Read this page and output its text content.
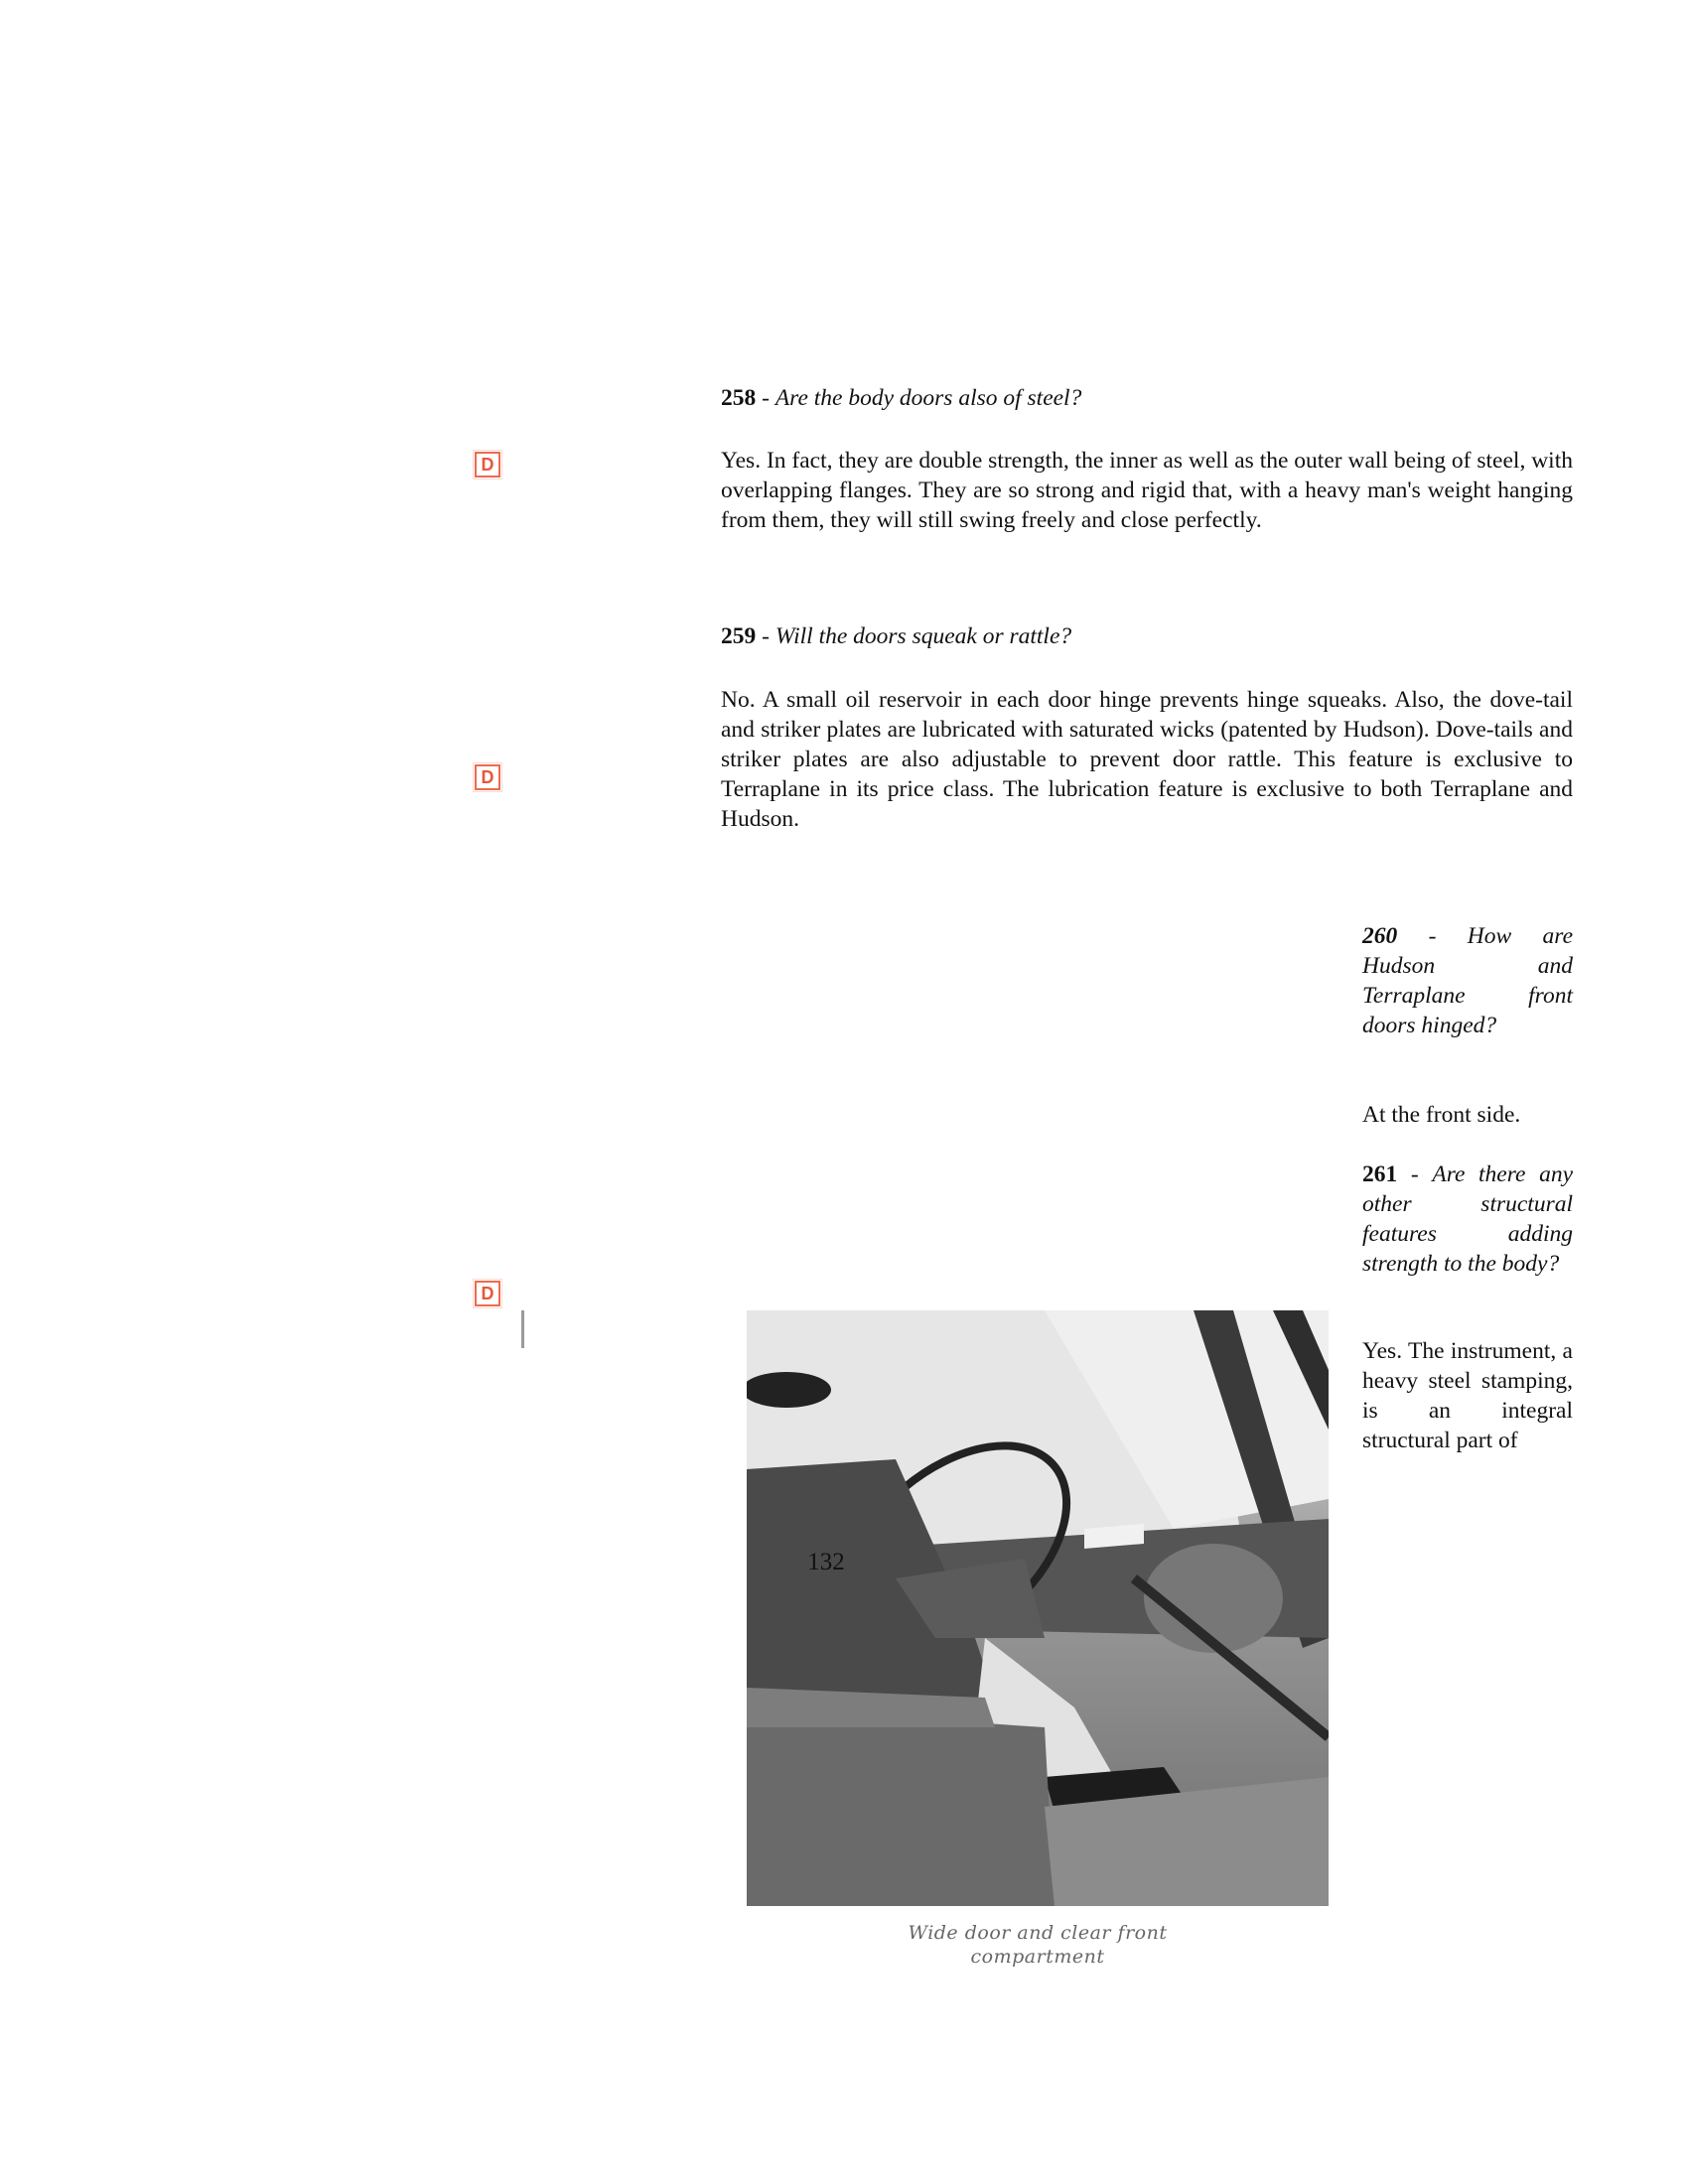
258 - Are the body doors also of steel?
D	Yes. In fact, they are double strength, the inner as well as the outer wall being of steel, with overlapping flanges. They are so strong and rigid that, with a heavy man's weight hanging from them, they will still swing freely and close perfectly.
259 - Will the doors squeak or rattle?
D
No. A small oil reservoir in each door hinge prevents hinge squeaks. Also, the dove-tail and striker plates are lubricated with saturated wicks (patented by Hudson). Dove-tails and striker plates are also adjustable to prevent door rattle. This feature is exclusive to Terraplane in its price class. The lubrication feature is exclusive to both Terraplane and Hudson.
Wide door and clear front compartment
D
260 - How are Hudson and Terraplane front doors hinged?
At the front side.
261 - Are there any other structural features adding strength to the body?
Yes. The instrument, a heavy steel stamping, is an integral structural part of
132
